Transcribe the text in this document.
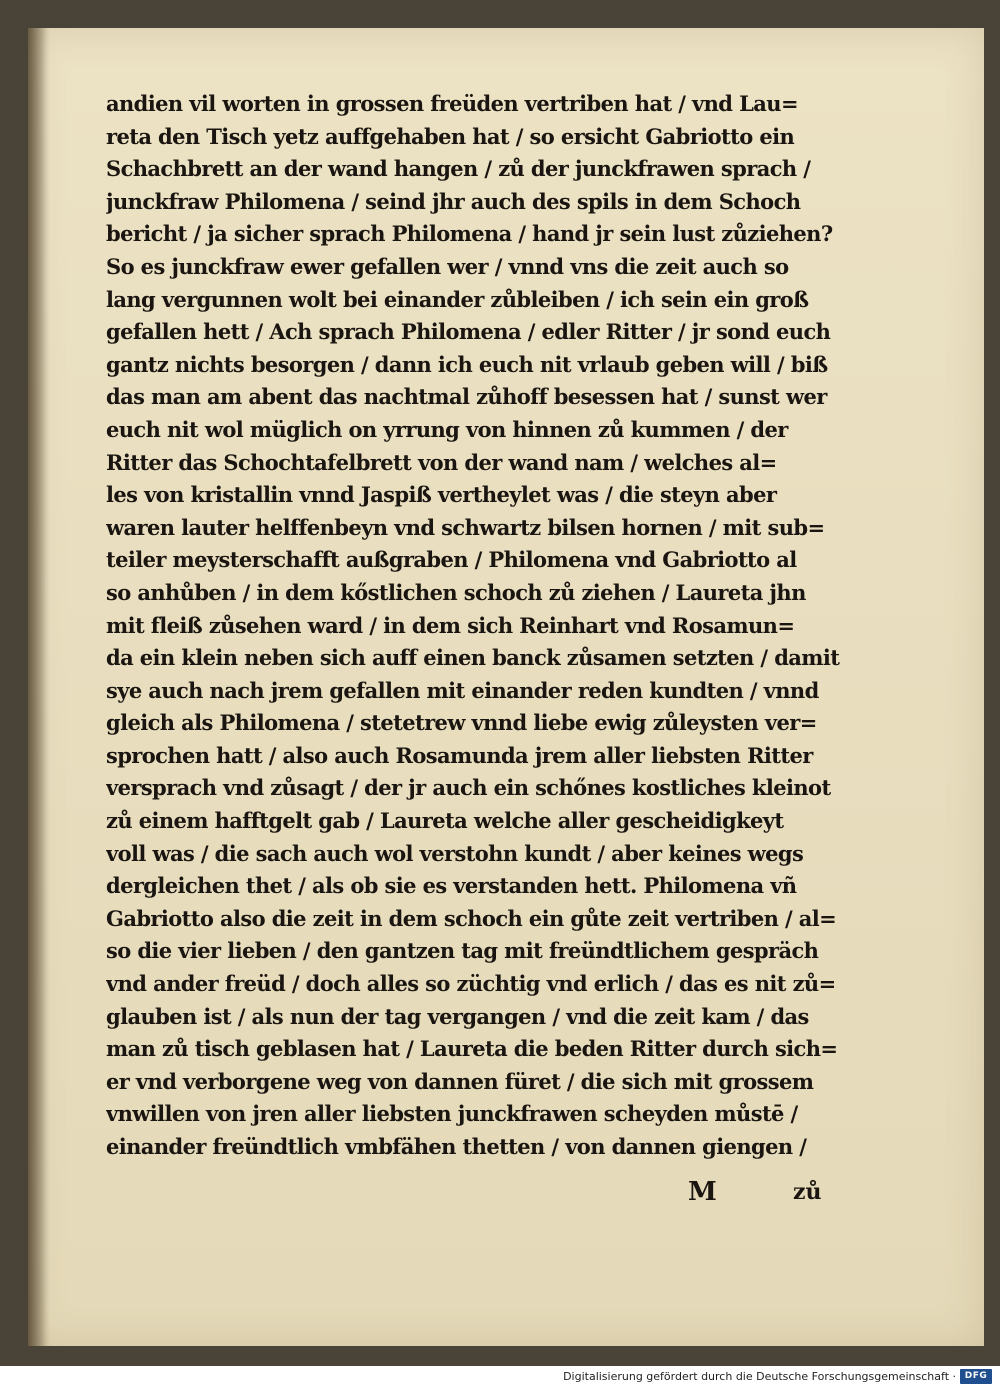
andien vil worten in grossen freüden vertriben hat / vnd Lau=
reta den Tisch yetz auffgehaben hat / so ersicht Gabriotto ein
Schachbrett an der wand hangen / zů der junckfrawen sprach /
junckfraw Philomena / seind jhr auch des spils in dem Schoch
bericht / ja sicher sprach Philomena / hand jr sein lust zůziehen?
So es junckfraw ewer gefallen wer / vnnd vns die zeit auch so
lang vergunnen wolt bei einander zůbleiben / ich sein ein groß
gefallen hett / Ach sprach Philomena / edler Ritter / jr sond euch
gantz nichts besorgen / dann ich euch nit vrlaub geben will / biß
das man am abent das nachtmal zůhoff besessen hat / sunst wer
euch nit wol müglich on yrrung von hinnen zů kummen / der
Ritter das Schochtafelbrett von der wand nam / welches al=
les von kristallin vnnd Jaspiß vertheylet was / die steyn aber
waren lauter helffenbeyn vnd schwartz bilsen hornen / mit sub=
teiler meysterschafft außgraben / Philomena vnd Gabriotto al
so anhůben / in dem kőstlichen schoch zů ziehen / Laureta jhn
mit fleiß zůsehen ward / in dem sich Reinhart vnd Rosamun=
da ein klein neben sich auff einen banck zůsamen setzten / damit
sye auch nach jrem gefallen mit einander reden kundten / vnnd
gleich als Philomena / stetetrew vnnd liebe ewig zůleysten ver=
sprochen hatt / also auch Rosamunda jrem aller liebsten Ritter
versprach vnd zůsagt / der jr auch ein schőnes kostliches kleinot
zů einem hafftgelt gab / Laureta welche aller gescheidigkeyt
voll was / die sach auch wol verstohn kundt / aber keines wegs
dergleichen thet / als ob sie es verstanden hett. Philomena vñ
Gabriotto also die zeit in dem schoch ein gůte zeit vertriben / al=
so die vier lieben / den gantzen tag mit freündtlichem gespräch
vnd ander freüd / doch alles so züchtig vnd erlich / das es nit zů=
glauben ist / als nun der tag vergangen / vnd die zeit kam / das
man zů tisch geblasen hat / Laureta die beden Ritter durch sich=
er vnd verborgene weg von dannen füret / die sich mit grossem
vnwillen von jren aller liebsten junckfrawen scheyden můstē /
einander freündtlich vmbfähen thetten / von dannen giengen /
M	zů
Digitalisierung gefördert durch die Deutsche Forschungsgemeinschaft · DFG
